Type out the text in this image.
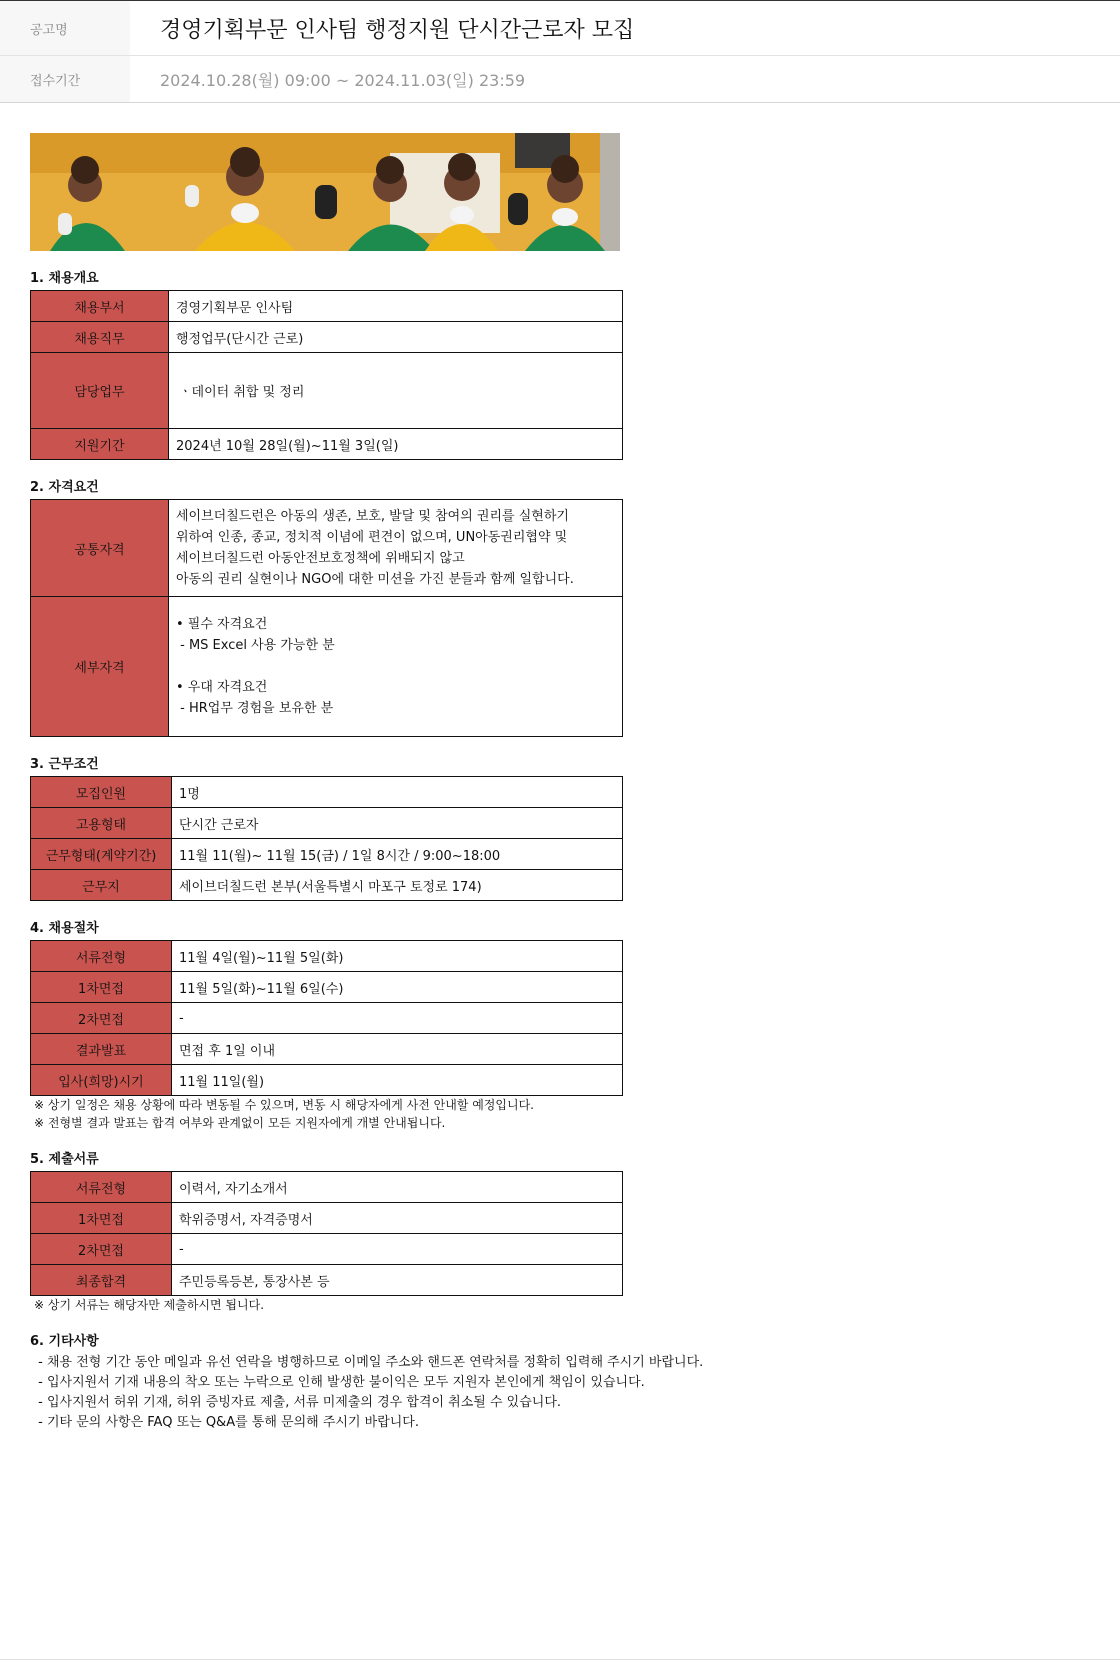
공고명	경영기획부문 인사팀 행정지원 단시간근로자 모집
접수기간	2024.10.28(월) 09:00 ~ 2024.11.03(일) 23:59
1. 채용개요
채용부서	경영기획부문 인사팀
채용직무	행정업무(단시간 근로)
담당업무	ㆍ데이터 취합 및 정리
지원기간	2024년 10월 28일(월)~11월 3일(일)
2. 자격요건
공통자격	세이브더칠드런은 아동의 생존, 보호, 발달 및 참여의 권리를 실현하기
위하여 인종, 종교, 정치적 이념에 편견이 없으며, UN아동권리협약 및
세이브더칠드런 아동안전보호정책에 위배되지 않고
아동의 권리 실현이나 NGO에 대한 미션을 가진 분들과 함께 일합니다.

세부자격	• 필수 자격요건
- MS Excel 사용 가능한 분
• 우대 자격요건
- HR업무 경험을 보유한 분
3. 근무조건
모집인원	1명
고용형태	단시간 근로자
근무형태(계약기간)	11월 11(월)~ 11월 15(금) / 1일 8시간 / 9:00~18:00
근무지	세이브더칠드런 본부(서울특별시 마포구 토정로 174)
4. 채용절차
서류전형	11월 4일(월)~11월 5일(화)
1차면접	11월 5일(화)~11월 6일(수)
2차면접	-
결과발표	면접 후 1일 이내
입사(희망)시기	11월 11일(월)
※ 상기 일정은 채용 상황에 따라 변동될 수 있으며, 변동 시 해당자에게 사전 안내할 예정입니다.
※ 전형별 결과 발표는 합격 여부와 관계없이 모든 지원자에게 개별 안내됩니다.
5. 제출서류
서류전형	이력서, 자기소개서
1차면접	학위증명서, 자격증명서
2차면접	-
최종합격	주민등록등본, 통장사본 등
※ 상기 서류는 해당자만 제출하시면 됩니다.
6. 기타사항
- 채용 전형 기간 동안 메일과 유선 연락을 병행하므로 이메일 주소와 핸드폰 연락처를 정확히 입력해 주시기 바랍니다.
- 입사지원서 기재 내용의 착오 또는 누락으로 인해 발생한 불이익은 모두 지원자 본인에게 책임이 있습니다.
- 입사지원서 허위 기재, 허위 증빙자료 제출, 서류 미제출의 경우 합격이 취소될 수 있습니다.
- 기타 문의 사항은 FAQ 또는 Q&A를 통해 문의해 주시기 바랍니다.
